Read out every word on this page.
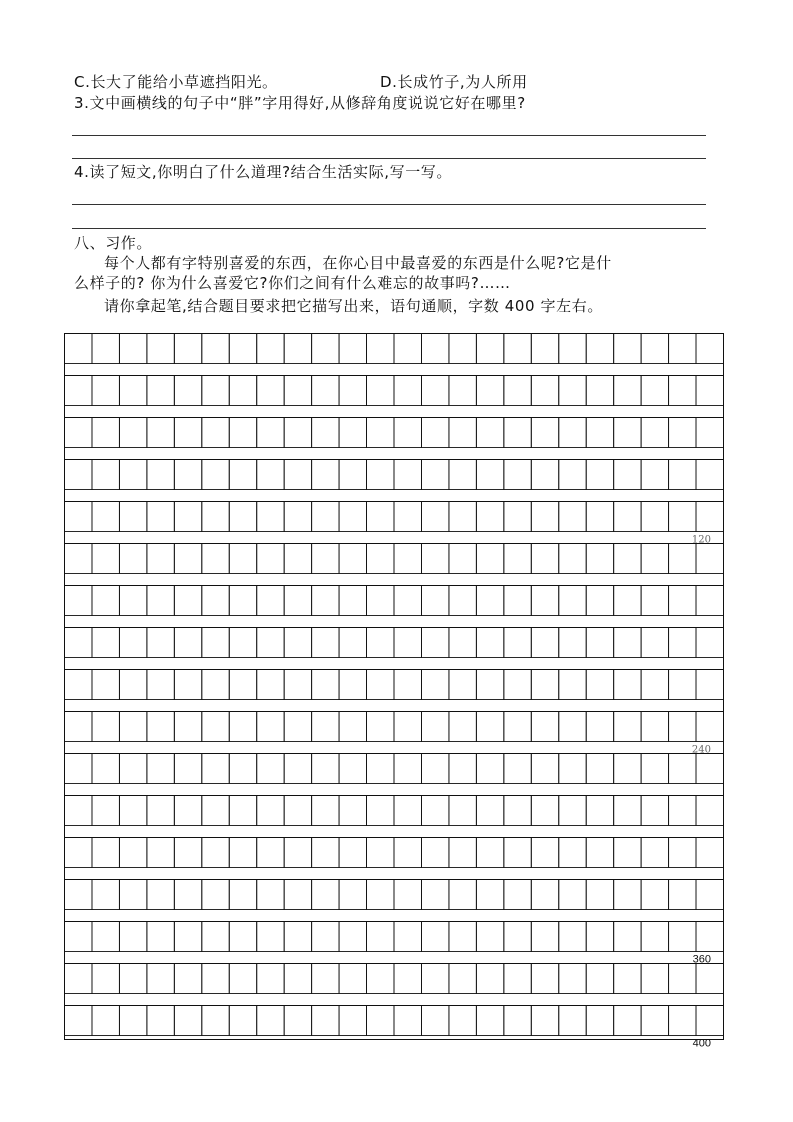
C.长大了能给小草遮挡阳光。	D.长成竹子,为人所用
3.文中画横线的句子中“胖”字用得好,从修辞角度说说它好在哪里?
4.读了短文,你明白了什么道理?结合生活实际,写一写。
八、习作。
每个人都有字特别喜爱的东西，在你心目中最喜爱的东西是什么呢?它是什
么样子的? 你为什么喜爱它?你们之间有什么难忘的故事吗?……
请你拿起笔,结合题目要求把它描写出来，语句通顺，字数 400 字左右。
120
240
360
400
